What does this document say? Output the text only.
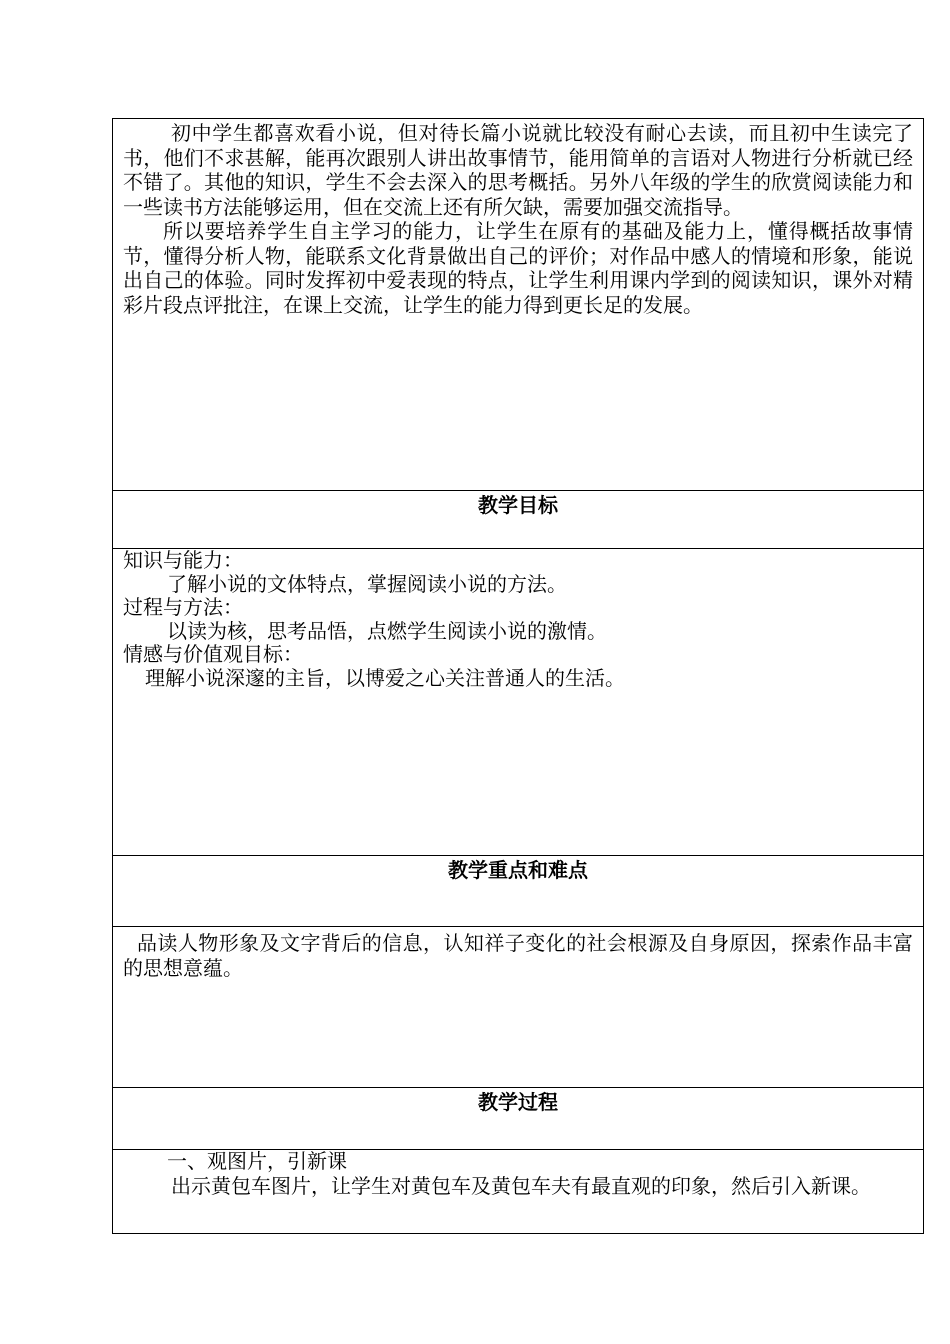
初中学生都喜欢看小说，但对待长篇小说就比较没有耐心去读，而且初中生读完了书，他们不求甚解，能再次跟别人讲出故事情节，能用简单的言语对人物进行分析就已经不错了。其他的知识，学生不会去深入的思考概括。另外八年级的学生的欣赏阅读能力和一些读书方法能够运用，但在交流上还有所欠缺，需要加强交流指导。

所以要培养学生自主学习的能力，让学生在原有的基础及能力上，懂得概括故事情节，懂得分析人物，能联系文化背景做出自己的评价；对作品中感人的情境和形象，能说出自己的体验。同时发挥初中爱表现的特点，让学生利用课内学到的阅读知识，课外对精彩片段点评批注，在课上交流，让学生的能力得到更长足的发展。

教学目标

知识与能力：
了解小说的文体特点，掌握阅读小说的方法。
过程与方法：
以读为核，思考品悟，点燃学生阅读小说的激情。
情感与价值观目标：
理解小说深邃的主旨，以博爱之心关注普通人的生活。

教学重点和难点

品读人物形象及文字背后的信息，认知祥子变化的社会根源及自身原因，探索作品丰富的思想意蕴。

教学过程

一、观图片，引新课

出示黄包车图片，让学生对黄包车及黄包车夫有最直观的印象，然后引入新课。
